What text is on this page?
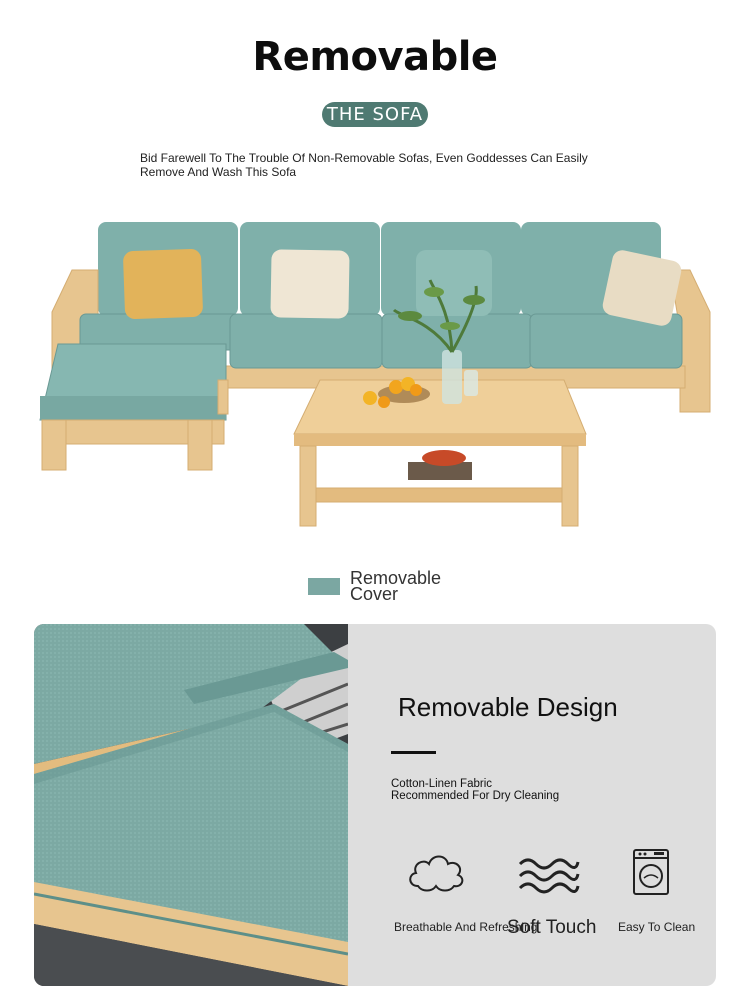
Removable
THE SOFA
Bid Farewell To The Trouble Of Non-Removable Sofas, Even Goddesses Can Easily
Remove And Wash This Sofa
Removable
Cover
Removable Design
Cotton-Linen Fabric
Recommended For Dry Cleaning
Breathable And Refreshing
Soft Touch Easy To Clean
